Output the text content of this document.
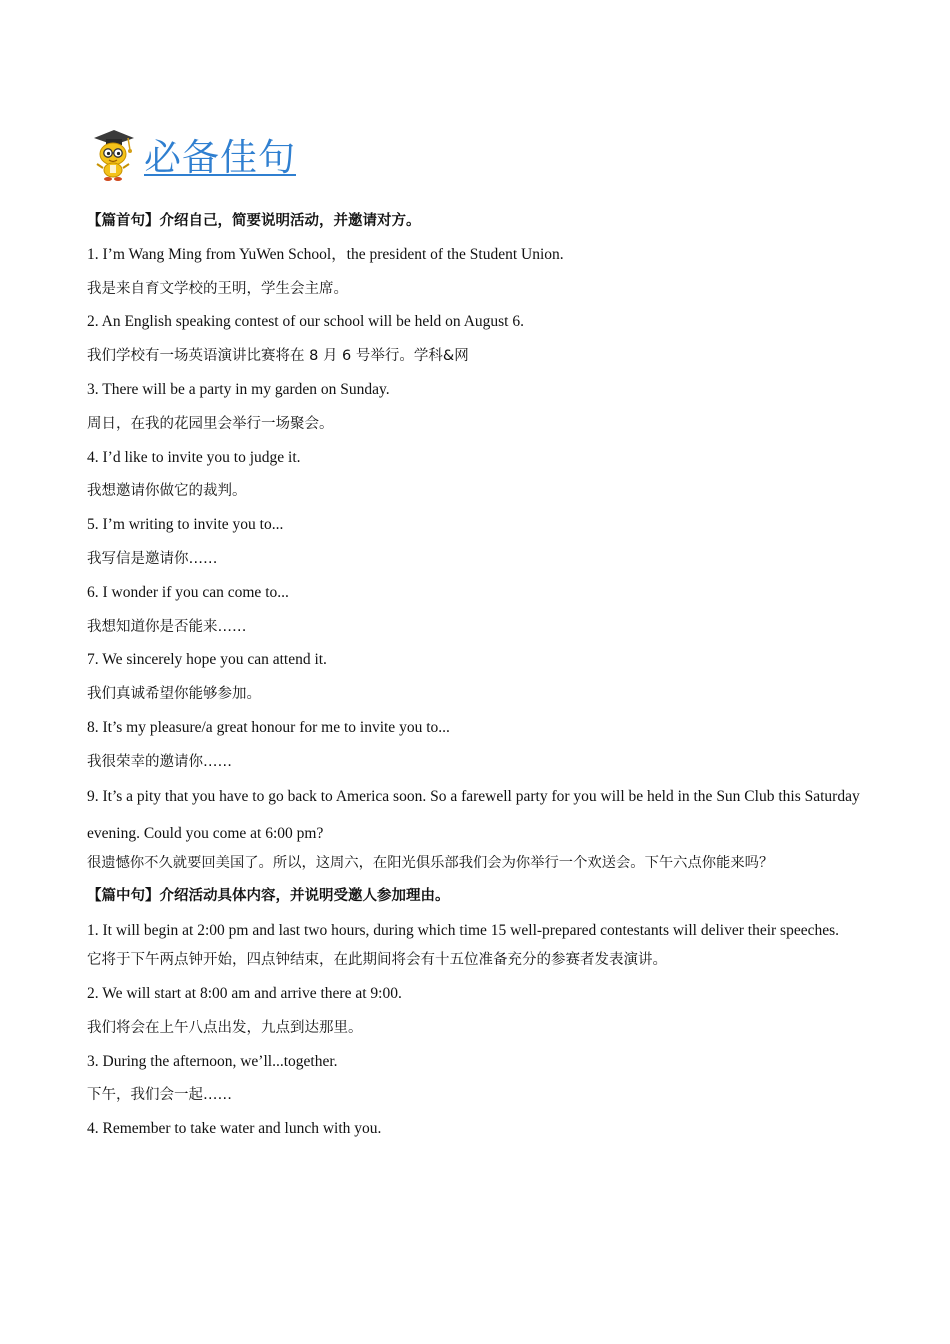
必备佳句

【篇首句】介绍自己，简要说明活动，并邀请对方。

1. I’m Wang Ming from YuWen School，the president of the Student Union.

我是来自育文学校的王明，学生会主席。

2. An English speaking contest of our school will be held on August 6.

我们学校有一场英语演讲比赛将在 8 月 6 号举行。学科&网

3. There will be a party in my garden on Sunday.

周日，在我的花园里会举行一场聚会。

4. I’d like to invite you to judge it.

我想邀请你做它的裁判。

5. I’m writing to invite you to...

我写信是邀请你……

6. I wonder if you can come to...

我想知道你是否能来……

7. We sincerely hope you can attend it.

我们真诚希望你能够参加。

8. It’s my pleasure/a great honour for me to invite you to...

我很荣幸的邀请你……

9. It’s a pity that you have to go back to America soon. So a farewell party for you will be held in the Sun Club this Saturday evening. Could you come at 6:00 pm?

很遗憾你不久就要回美国了。所以，这周六，在阳光俱乐部我们会为你举行一个欢送会。下午六点你能来吗？

【篇中句】介绍活动具体内容，并说明受邀人参加理由。

1. It will begin at 2:00 pm and last two hours, during which time 15 well-prepared contestants will deliver their speeches.

它将于下午两点钟开始，四点钟结束，在此期间将会有十五位准备充分的参赛者发表演讲。

2. We will start at 8:00 am and arrive there at 9:00.

我们将会在上午八点出发，九点到达那里。

3. During the afternoon, we’ll...together.

下午，我们会一起……

4. Remember to take water and lunch with you.
